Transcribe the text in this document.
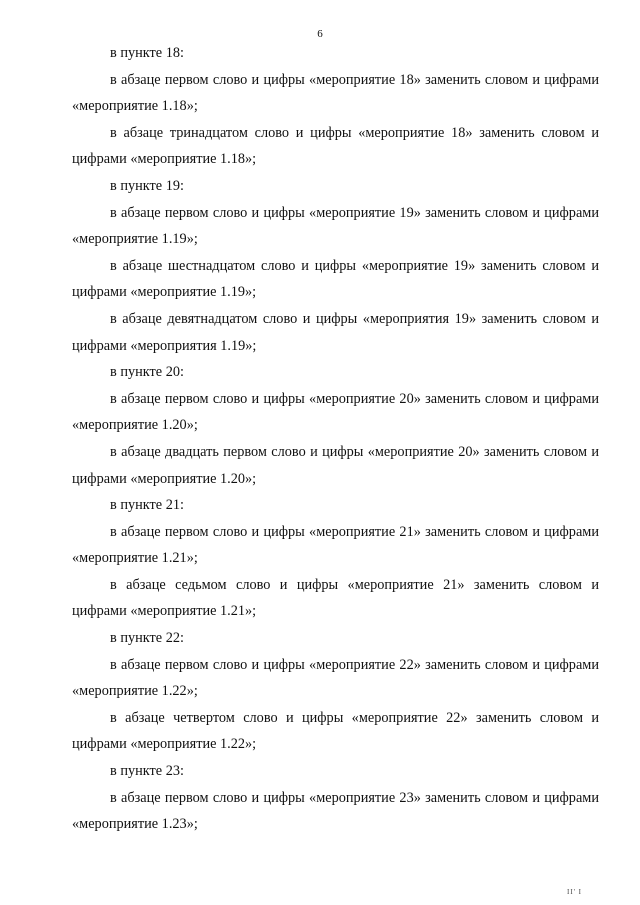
6

в пункте 18:

в абзаце первом слово и цифры «мероприятие 18» заменить словом и цифрами «мероприятие 1.18»;

в абзаце тринадцатом слово и цифры «мероприятие 18» заменить словом и цифрами «мероприятие 1.18»;

в пункте 19:

в абзаце первом слово и цифры «мероприятие 19» заменить словом и цифрами «мероприятие 1.19»;

в абзаце шестнадцатом слово и цифры «мероприятие 19» заменить словом и цифрами «мероприятие 1.19»;

в абзаце девятнадцатом слово и цифры «мероприятия 19» заменить словом и цифрами «мероприятия 1.19»;

в пункте 20:

в абзаце первом слово и цифры «мероприятие 20» заменить словом и цифрами «мероприятие 1.20»;

в абзаце двадцать первом слово и цифры «мероприятие 20» заменить словом и цифрами «мероприятие 1.20»;

в пункте 21:

в абзаце первом слово и цифры «мероприятие 21» заменить словом и цифрами «мероприятие 1.21»;

в абзаце седьмом слово и цифры «мероприятие 21» заменить словом и цифрами «мероприятие 1.21»;

в пункте 22:

в абзаце первом слово и цифры «мероприятие 22» заменить словом и цифрами «мероприятие 1.22»;

в абзаце четвертом слово и цифры «мероприятие 22» заменить словом и цифрами «мероприятие 1.22»;

в пункте 23:

в абзаце первом слово и цифры «мероприятие 23» заменить словом и цифрами «мероприятие 1.23»;

ІІ' І
